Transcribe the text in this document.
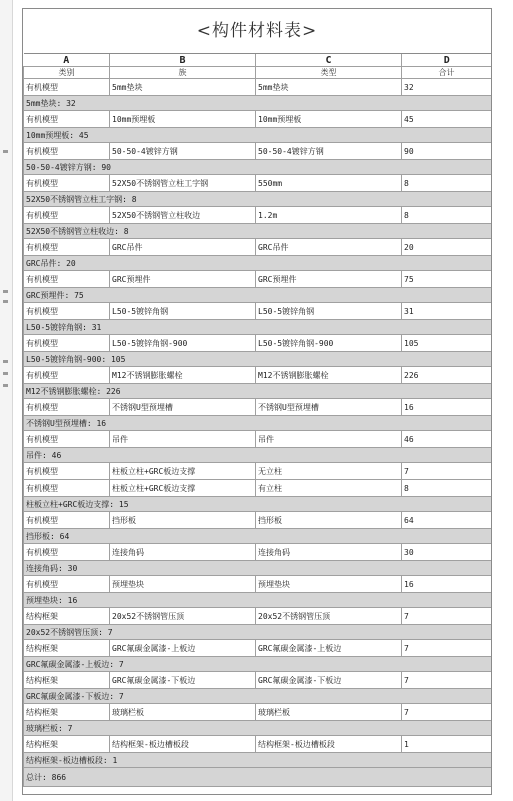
<构件材料表>
A	B	C	D
类别	族	类型	合计
有机模型	5mm垫块	5mm垫块	32
5mm垫块: 32			
有机模型	10mm预埋板	10mm预埋板	45
10mm预埋板: 45			
有机模型	50-50-4镀锌方钢	50-50-4镀锌方钢	90
50-50-4镀锌方钢: 90			
有机模型	52X50不锈钢管立柱工字钢	550mm	8
52X50不锈钢管立柱工字钢: 8			
有机模型	52X50不锈钢管立柱收边	1.2m	8
52X50不锈钢管立柱收边: 8			
有机模型	GRC吊件	GRC吊件	20
GRC吊件: 20			
有机模型	GRC预埋件	GRC预埋件	75
GRC预埋件: 75			
有机模型	L50-5镀锌角钢	L50-5镀锌角钢	31
L50-5镀锌角钢: 31			
有机模型	L50-5镀锌角钢-900	L50-5镀锌角钢-900	105
L50-5镀锌角钢-900: 105			
有机模型	M12不锈钢膨胀螺栓	M12不锈钢膨胀螺栓	226
M12不锈钢膨胀螺栓: 226			
有机模型	不锈钢U型预埋槽	不锈钢U型预埋槽	16
不锈钢U型预埋槽: 16			
有机模型	吊件	吊件	46
吊件: 46			
有机模型	柱板立柱+GRC板边支撑	无立柱	7
有机模型	柱板立柱+GRC板边支撑	有立柱	8
柱板立柱+GRC板边支撑: 15			
有机模型	挡形板	挡形板	64
挡形板: 64			
有机模型	连接角码	连接角码	30
连接角码: 30			
有机模型	预埋垫块	预埋垫块	16
预埋垫块: 16			
结构框架	20x52不锈钢管压顶	20x52不锈钢管压顶	7
20x52不锈钢管压顶: 7			
结构框架	GRC氟碳金属漆-上板边	GRC氟碳金属漆-上板边	7
GRC氟碳金属漆-上板边: 7			
结构框架	GRC氟碳金属漆-下板边	GRC氟碳金属漆-下板边	7
GRC氟碳金属漆-下板边: 7			
结构框架	玻璃栏板	玻璃栏板	7
玻璃栏板: 7			
结构框架	结构框架-板边槽板段	结构框架-板边槽板段	1
结构框架-板边槽板段: 1			
总计: 866			
